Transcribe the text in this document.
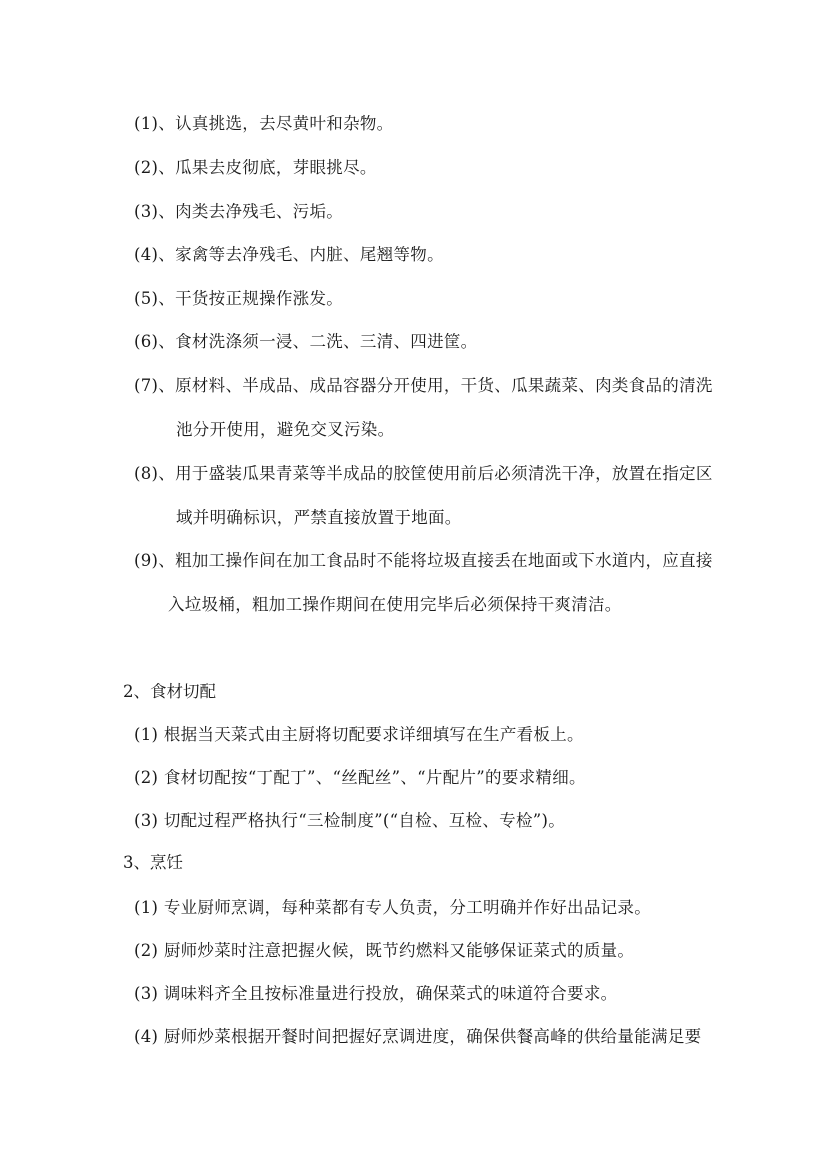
(1)、认真挑选，去尽黄叶和杂物。
(2)、瓜果去皮彻底，芽眼挑尽。
(3)、肉类去净残毛、污垢。
(4)、家禽等去净残毛、内脏、尾翘等物。
(5)、干货按正规操作涨发。
(6)、食材洗涤须一浸、二洗、三清、四进筐。
(7)、原材料、半成品、成品容器分开使用，干货、瓜果蔬菜、肉类食品的清洗
池分开使用，避免交叉污染。
(8)、用于盛装瓜果青菜等半成品的胶筐使用前后必须清洗干净，放置在指定区
域并明确标识，严禁直接放置于地面。
(9)、粗加工操作间在加工食品时不能将垃圾直接丢在地面或下水道内，应直接
入垃圾桶，粗加工操作期间在使用完毕后必须保持干爽清洁。
2、食材切配
(1) 根据当天菜式由主厨将切配要求详细填写在生产看板上。
(2) 食材切配按“丁配丁”、“丝配丝”、“片配片”的要求精细。
(3) 切配过程严格执行“三检制度”(“自检、互检、专检”)。
3、烹饪
(1) 专业厨师烹调，每种菜都有专人负责，分工明确并作好出品记录。
(2) 厨师炒菜时注意把握火候，既节约燃料又能够保证菜式的质量。
(3) 调味料齐全且按标准量进行投放，确保菜式的味道符合要求。
(4) 厨师炒菜根据开餐时间把握好烹调进度，确保供餐高峰的供给量能满足要
